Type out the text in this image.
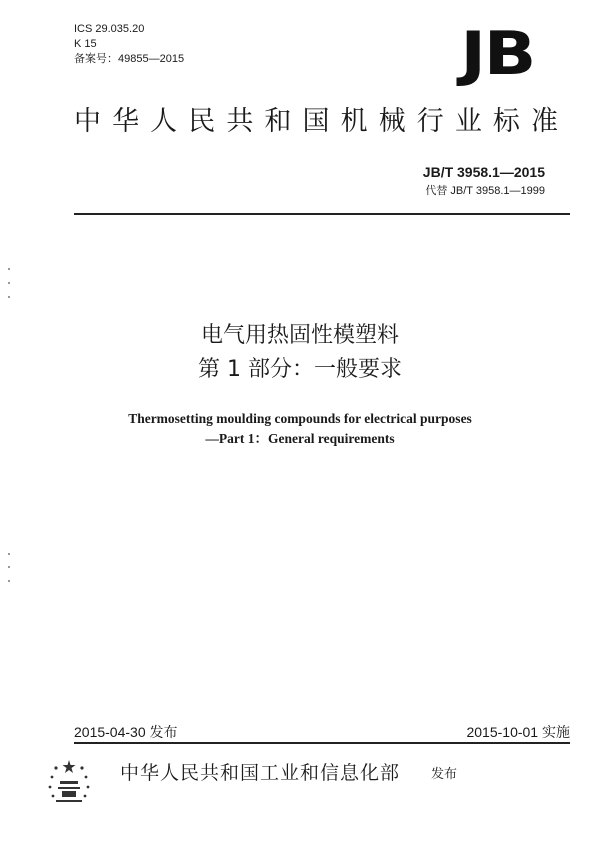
ICS 29.035.20
K 15
备案号：49855—2015	JB
中华人民共和国机械行业标准
JB/T 3958.1—2015
代替 JB/T 3958.1—1999
电气用热固性模塑料
第 1 部分：一般要求
Thermosetting moulding compounds for electrical purposes
—Part 1：General requirements
2015-04-30 发布	2015-10-01 实施
中华人民共和国工业和信息化部 发布
